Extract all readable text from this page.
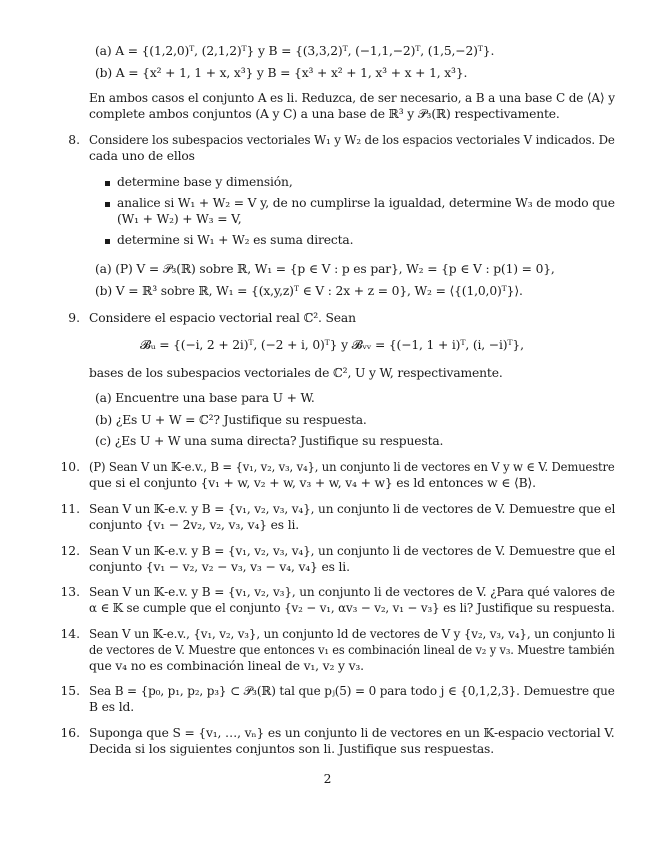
(a) A = {(1,2,0)ᵀ, (2,1,2)ᵀ} y B = {(3,3,2)ᵀ, (−1,1,−2)ᵀ, (1,5,−2)ᵀ}.
(b) A = {x² + 1, 1 + x, x³} y B = {x³ + x² + 1, x³ + x + 1, x³}.
En ambos casos el conjunto A es li. Reduzca, de ser necesario, a B a una base C de ⟨A⟩ y
complete ambos conjuntos (A y C) a una base de ℝ³ y 𝒫₃(ℝ) respectivamente.
8. Considere los subespacios vectoriales W₁ y W₂ de los espacios vectoriales V indicados. De
cada uno de ellos
determine base y dimensión,
analice si W₁ + W₂ = V y, de no cumplirse la igualdad, determine W₃ de modo que
(W₁ + W₂) + W₃ = V,
determine si W₁ + W₂ es suma directa.
(a) (P) V = 𝒫₃(ℝ) sobre ℝ, W₁ = {p ∈ V : p es par}, W₂ = {p ∈ V : p(1) = 0},
(b) V = ℝ³ sobre ℝ, W₁ = {(x,y,z)ᵀ ∈ V : 2x + z = 0}, W₂ = ⟨{(1,0,0)ᵀ}⟩.
9. Considere el espacio vectorial real ℂ². Sean
𝓑ᵤ = {(−i, 2 + 2i)ᵀ, (−2 + i, 0)ᵀ} y 𝓑ᵥᵥ = {(−1, 1 + i)ᵀ, (i, −i)ᵀ},
bases de los subespacios vectoriales de ℂ², U y W, respectivamente.
(a) Encuentre una base para U + W.
(b) ¿Es U + W = ℂ²? Justifique su respuesta.
(c) ¿Es U + W una suma directa? Justifique su respuesta.
10. (P) Sean V un 𝕂-e.v., B = {v₁, v₂, v₃, v₄}, un conjunto li de vectores en V y w ∈ V. Demuestre
que si el conjunto {v₁ + w, v₂ + w, v₃ + w, v₄ + w} es ld entonces w ∈ ⟨B⟩.
11. Sean V un 𝕂-e.v. y B = {v₁, v₂, v₃, v₄}, un conjunto li de vectores de V. Demuestre que el
conjunto {v₁ − 2v₂, v₂, v₃, v₄} es li.
12. Sean V un 𝕂-e.v. y B = {v₁, v₂, v₃, v₄}, un conjunto li de vectores de V. Demuestre que el
conjunto {v₁ − v₂, v₂ − v₃, v₃ − v₄, v₄} es li.
13. Sean V un 𝕂-e.v. y B = {v₁, v₂, v₃}, un conjunto li de vectores de V. ¿Para qué valores de
α ∈ 𝕂 se cumple que el conjunto {v₂ − v₁, αv₃ − v₂, v₁ − v₃} es li? Justifique su respuesta.
14. Sean V un 𝕂-e.v., {v₁, v₂, v₃}, un conjunto ld de vectores de V y {v₂, v₃, v₄}, un conjunto li
de vectores de V. Muestre que entonces v₁ es combinación lineal de v₂ y v₃. Muestre también
que v₄ no es combinación lineal de v₁, v₂ y v₃.
15. Sea B = {p₀, p₁, p₂, p₃} ⊂ 𝒫₃(ℝ) tal que pⱼ(5) = 0 para todo j ∈ {0,1,2,3}. Demuestre que
B es ld.
16. Suponga que S = {v₁, …, vₙ} es un conjunto li de vectores en un 𝕂-espacio vectorial V.
Decida si los siguientes conjuntos son li. Justifique sus respuestas.
2
